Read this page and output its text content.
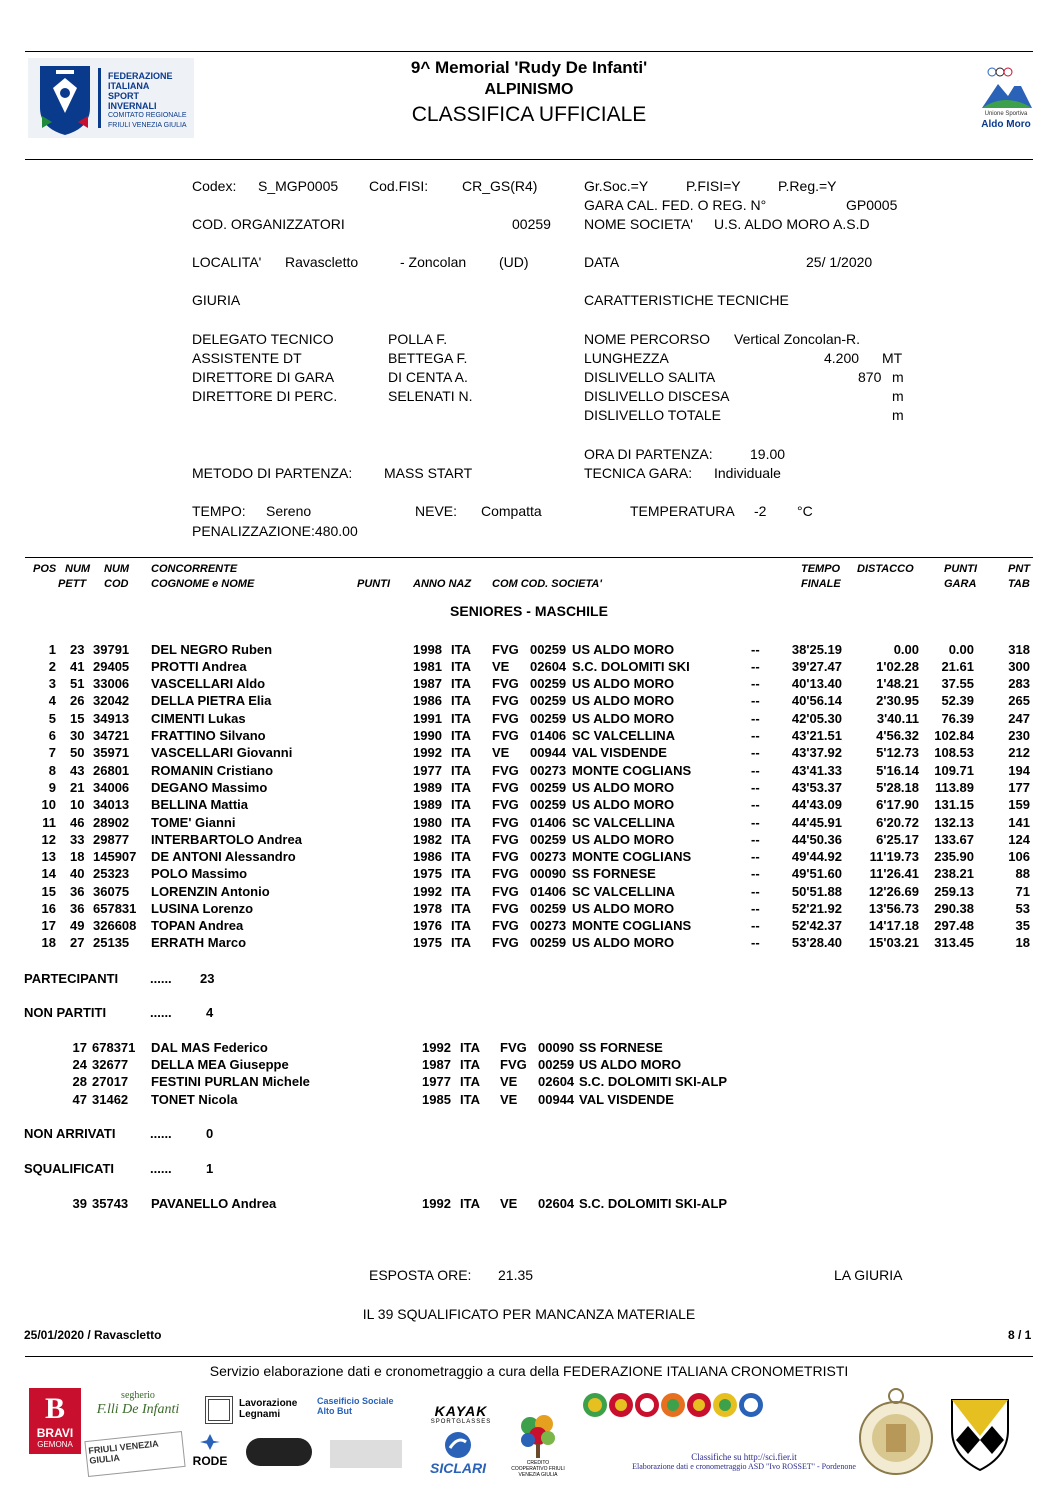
FEDERAZIONE
ITALIANA
SPORT
INVERNALI
COMITATO REGIONALE
FRIULI VENEZIA GIULIA
9^ Memorial 'Rudy De Infanti'
ALPINISMO
CLASSIFICA UFFICIALE	Unione Sportiva
Aldo Moro
Codex: S_MGP0005 Cod.FISI: CR_GS(R4)	Gr.Soc.=Y	P.FISI=Y	P.Reg.=Y
GARA CAL. FED. O REG. N°	GP0005
COD. ORGANIZZATORI	00259 NOME SOCIETA' U.S. ALDO MORO A.S.D
LOCALITA' Ravascletto	- Zoncolan (UD)	DATA	25/ 1/2020
GIURIA	CARATTERISTICHE TECNICHE
DELEGATO TECNICO	POLLA F.	NOME PERCORSO Vertical Zoncolan-R.
ASSISTENTE DT	BETTEGA F.	LUNGHEZZA	4.200 MT
DIRETTORE DI GARA	DI CENTA A.	DISLIVELLO SALITA	870 m
DIRETTORE DI PERC.	SELENATI N.	DISLIVELLO DISCESA	m
DISLIVELLO TOTALE	m
ORA DI PARTENZA:	19.00
METODO DI PARTENZA: MASS START	TECNICA GARA: Individuale
TEMPO: Sereno	NEVE: Compatta	TEMPERATURA -2 °C
PENALIZZAZIONE:480.00
POS NUM NUM CONCORRENTE	TEMPO DISTACCO	PUNTI	PNT
PETT COD COGNOME e NOME	PUNTI ANNO NAZ COM COD. SOCIETA'	FINALE	GARA	TAB
SENIORES - MASCHILE
1 23 39791 DEL NEGRO Ruben	1998 ITA FVG 00259 US ALDO MORO	-- 38'25.19	0.00	0.00	318
2 41 29405 PROTTI Andrea	1981 ITA VE 02604 S.C. DOLOMITI SKI	-- 39'27.47	1'02.28	21.61	300
3 51 33006 VASCELLARI Aldo	1987 ITA FVG 00259 US ALDO MORO	-- 40'13.40	1'48.21	37.55	283
4 26 32042 DELLA PIETRA Elia	1986 ITA FVG 00259 US ALDO MORO	-- 40'56.14	2'30.95	52.39	265
5 15 34913 CIMENTI Lukas	1991 ITA FVG 00259 US ALDO MORO	-- 42'05.30	3'40.11	76.39	247
6 30 34721 FRATTINO Silvano	1990 ITA FVG 01406 SC VALCELLINA	-- 43'21.51	4'56.32	102.84	230
7 50 35971 VASCELLARI Giovanni	1992 ITA VE 00944 VAL VISDENDE	-- 43'37.92	5'12.73	108.53	212
8 43 26801 ROMANIN Cristiano	1977 ITA FVG 00273 MONTE COGLIANS	-- 43'41.33	5'16.14	109.71	194
9 21 34006 DEGANO Massimo	1989 ITA FVG 00259 US ALDO MORO	-- 43'53.37	5'28.18	113.89	177
10 10 34013 BELLINA Mattia	1989 ITA FVG 00259 US ALDO MORO	-- 44'43.09	6'17.90	131.15	159
11 46 28902 TOME' Gianni	1980 ITA FVG 01406 SC VALCELLINA	-- 44'45.91	6'20.72	132.13	141
12 33 29877 INTERBARTOLO Andrea	1982 ITA FVG 00259 US ALDO MORO	-- 44'50.36	6'25.17	133.67	124
13 18 145907 DE ANTONI Alessandro	1986 ITA FVG 00273 MONTE COGLIANS	-- 49'44.92	11'19.73	235.90	106
14 40 25323 POLO Massimo	1975 ITA FVG 00090 SS FORNESE	-- 49'51.60	11'26.41	238.21	88
15 36 36075 LORENZIN Antonio	1992 ITA FVG 01406 SC VALCELLINA	-- 50'51.88	12'26.69	259.13	71
16 36 657831 LUSINA Lorenzo	1978 ITA FVG 00259 US ALDO MORO	-- 52'21.92	13'56.73	290.38	53
17 49 326608 TOPAN Andrea	1976 ITA FVG 00273 MONTE COGLIANS	-- 52'42.37	14'17.18	297.48	35
18 27 25135 ERRATH Marco	1975 ITA FVG 00259 US ALDO MORO	-- 53'28.40	15'03.21	313.45	18
PARTECIPANTI ...... 23
NON PARTITI	......	4
17 678371 DAL MAS Federico	1992 ITA FVG 00090 SS FORNESE
24 32677 DELLA MEA Giuseppe	1987 ITA FVG 00259 US ALDO MORO
28 27017 FESTINI PURLAN Michele	1977 ITA VE 02604 S.C. DOLOMITI SKI-ALP
47 31462 TONET Nicola	1985 ITA VE 00944 VAL VISDENDE
NON ARRIVATI	......	0
SQUALIFICATI	......	1
39 35743 PAVANELLO Andrea	1992 ITA VE 02604 S.C. DOLOMITI SKI-ALP
ESPOSTA ORE: 21.35	LA GIURIA
IL 39 SQUALIFICATO PER MANCANZA MATERIALE
25/01/2020 / Ravascletto	8 / 1
Servizio elaborazione dati e cronometraggio a cura della FEDERAZIONE ITALIANA CRONOMETRISTI
B
BRAVI
GEMONA
segherio
F.lli De Infanti
FRIULI VENEZIA GIULIA
Lavorazione
Legnami
RODE
Caseificio Sociale Alto But	KAYAK
SPORTGLASSES
SICLARI	CREDITO COOPERATIVO FRIULI VENEZIA GIULIA
Classifiche su http://sci.fier.it
Elaborazione dati e cronometraggio ASD "Ivo ROSSET" - Pordenone
